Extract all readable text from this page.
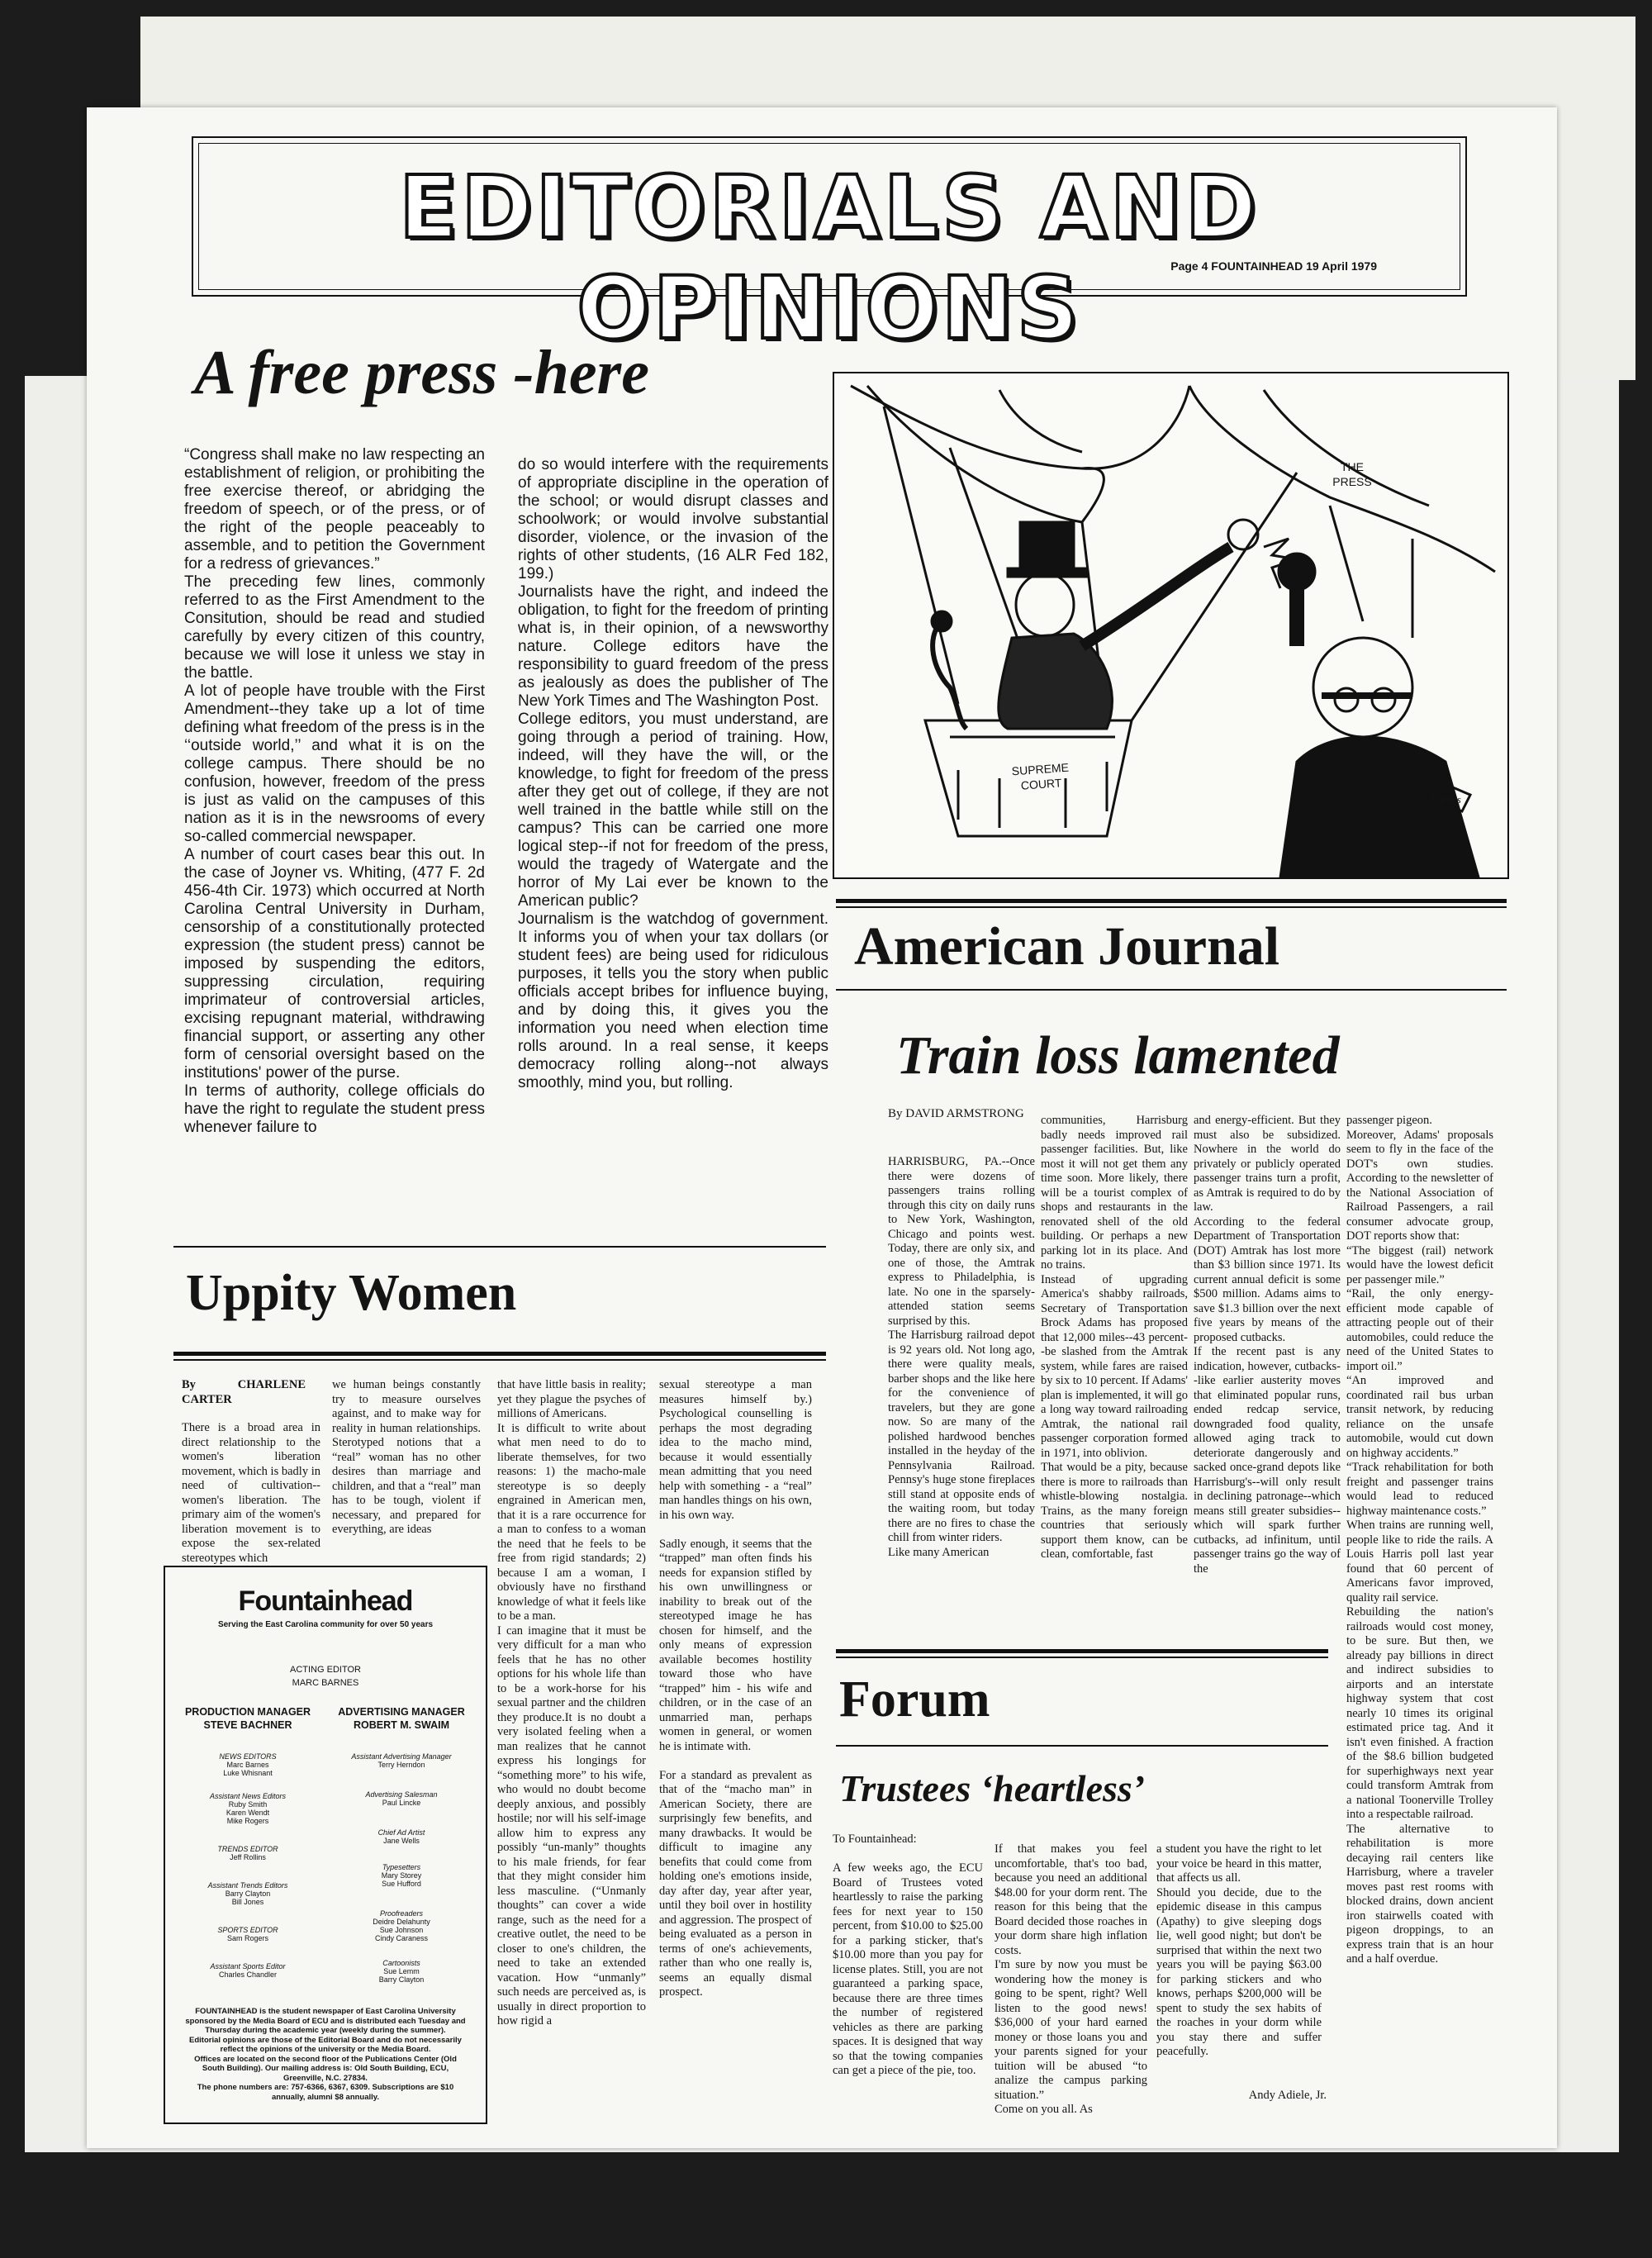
EDITORIALS AND OPINIONS	Page 4 FOUNTAINHEAD 19 April 1979
A free press -here
“Congress shall make no law respecting an establishment of religion, or prohibiting the free exercise thereof, or abridging the freedom of speech, or of the press, or of the right of the people peaceably to assemble, and to petition the Government for a redress of grievances.”
The preceding few lines, commonly referred to as the First Amendment to the Consitution, should be read and studied carefully by every citizen of this country, because we will lose it unless we stay in the battle.
A lot of people have trouble with the First Amendment--they take up a lot of time defining what freedom of the press is in the ‘‘outside world,’’ and what it is on the college campus. There should be no confusion, however, freedom of the press is just as valid on the campuses of this nation as it is in the newsrooms of every so-called commercial newspaper.
A number of court cases bear this out. In the case of Joyner vs. Whiting, (477 F. 2d 456-4th Cir. 1973) which occurred at North Carolina Central University in Durham, censorship of a constitutionally protected expression (the student press) cannot be imposed by suspending the editors, suppressing circulation, requiring imprimateur of controversial articles, excising repugnant material, withdrawing financial support, or asserting any other form of censorial oversight based on the institutions' power of the purse.
In terms of authority, college officials do have the right to regulate the student press whenever failure to
do so would interfere with the requirements of appropriate discipline in the operation of the school; or would disrupt classes and schoolwork; or would involve substantial disorder, violence, or the invasion of the rights of other students, (16 ALR Fed 182, 199.)
Journalists have the right, and indeed the obligation, to fight for the freedom of printing what is, in their opinion, of a newsworthy nature. College editors have the responsibility to guard freedom of the press as jealously as does the publisher of The New York Times and The Washington Post.
College editors, you must understand, are going through a period of training. How, indeed, will they have the will, or the knowledge, to fight for freedom of the press after they get out of college, if they are not well trained in the battle while still on the campus? This can be carried one more logical step--if not for freedom of the press, would the tragedy of Watergate and the horror of My Lai ever be known to the American public?
Journalism is the watchdog of government. It informs you of when your tax dollars (or student fees) are being used for ridiculous purposes, it tells you the story when public officials accept bribes for influence buying, and by doing this, it gives you the information you need when election time rolls around. In a real sense, it keeps democracy rolling along--not always smoothly, mind you, but rolling.
THE PRESS
SUPREME COURT
Barnes
American Journal
Train loss lamented
By DAVID ARMSTRONG
HARRISBURG, PA.--Once there were dozens of passengers trains rolling through this city on daily runs to New York, Washington, Chicago and points west. Today, there are only six, and one of those, the Amtrak express to Philadelphia, is late. No one in the sparsely-attended station seems surprised by this.
The Harrisburg railroad depot is 92 years old. Not long ago, there were quality meals, barber shops and the like here for the convenience of travelers, but they are gone now. So are many of the polished hardwood benches installed in the heyday of the Pennsylvania Railroad. Pennsy's huge stone fireplaces still stand at opposite ends of the waiting room, but today there are no fires to chase the chill from winter riders.
Like many American
communities, Harrisburg badly needs improved rail passenger facilities. But, like most it will not get them any time soon. More likely, there will be a tourist complex of shops and restaurants in the renovated shell of the old building. Or perhaps a new parking lot in its place. And no trains.
Instead of upgrading America's shabby railroads, Secretary of Transportation Brock Adams has proposed that 12,000 miles--43 percent--be slashed from the Amtrak system, while fares are raised by six to 10 percent. If Adams' plan is implemented, it will go a long way toward railroading Amtrak, the national rail passenger corporation formed in 1971, into oblivion.
That would be a pity, because there is more to railroads than whistle-blowing nostalgia. Trains, as the many foreign countries that seriously support them know, can be clean, comfortable, fast
and energy-efficient. But they must also be subsidized. Nowhere in the world do privately or publicly operated passenger trains turn a profit, as Amtrak is required to do by law.
According to the federal Department of Transportation (DOT) Amtrak has lost more than $3 billion since 1971. Its current annual deficit is some $500 million. Adams aims to save $1.3 billion over the next five years by means of the proposed cutbacks.
If the recent past is any indication, however, cutbacks--like earlier austerity moves that eliminated popular runs, ended redcap service, downgraded food quality, allowed aging track to deteriorate dangerously and sacked once-grand depots like Harrisburg's--will only result in declining patronage--which means still greater subsidies--which will spark further cutbacks, ad infinitum, until passenger trains go the way of the
passenger pigeon.
Moreover, Adams' proposals seem to fly in the face of the DOT's own studies. According to the newsletter of the National Association of Railroad Passengers, a rail consumer advocate group, DOT reports show that:
“The biggest (rail) network would have the lowest deficit per passenger mile.”
“Rail, the only energy-efficient mode capable of attracting people out of their automobiles, could reduce the need of the United States to import oil.”
“An improved and coordinated rail bus urban transit network, by reducing reliance on the unsafe automobile, would cut down on highway accidents.”
“Track rehabilitation for both freight and passenger trains would lead to reduced highway maintenance costs.”
When trains are running well, people like to ride the rails. A Louis Harris poll last year found that 60 percent of Americans favor improved, quality rail service.
Rebuilding the nation's railroads would cost money, to be sure. But then, we already pay billions in direct and indirect subsidies to airports and an interstate highway system that cost nearly 10 times its original estimated price tag. And it isn't even finished. A fraction of the $8.6 billion budgeted for superhighways next year could transform Amtrak from a national Toonerville Trolley into a respectable railroad.
The alternative to rehabilitation is more decaying rail centers like Harrisburg, where a traveler moves past rest rooms with blocked drains, down ancient iron stairwells coated with pigeon droppings, to an express train that is an hour and a half overdue.
Uppity Women
By CHARLENE CARTER
There is a broad area in direct relationship to the women's liberation movement, which is badly in need of cultivation--women's liberation. The primary aim of the women's liberation movement is to expose the sex-related stereotypes which
we human beings constantly try to measure ourselves against, and to make way for reality in human relationships. Sterotyped notions that a “real” woman has no other desires than marriage and children, and that a “real” man has to be tough, violent if necessary, and prepared for everything, are ideas
that have little basis in reality; yet they plague the psyches of millions of Americans.
It is difficult to write about what men need to do to liberate themselves, for two reasons: 1) the macho-male stereotype is so deeply engrained in American men, that it is a rare occurrence for a man to confess to a woman the need that he feels to be free from rigid standards; 2) because I am a woman, I obviously have no firsthand knowledge of what it feels like to be a man.
I can imagine that it must be very difficult for a man who feels that he has no other options for his whole life than to be a work-horse for his sexual partner and the children they produce.It is no doubt a very isolated feeling when a man realizes that he cannot express his longings for “something more” to his wife, who would no doubt become deeply anxious, and possibly hostile; nor will his self-image allow him to express any possibly “un-manly” thoughts to his male friends, for fear that they might consider him less masculine. (“Unmanly thoughts” can cover a wide range, such as the need for a creative outlet, the need to be closer to one's children, the need to take an extended vacation. How “unmanly” such needs are perceived as, is usually in direct proportion to how rigid a
sexual stereotype a man measures himself by.) Psychological counselling is perhaps the most degrading idea to the macho mind, because it would essentially mean admitting that you need help with something - a “real” man handles things on his own, in his own way.

Sadly enough, it seems that the “trapped” man often finds his needs for expansion stifled by his own unwillingness or inability to break out of the stereotyped image he has chosen for himself, and the only means of expression available becomes hostility toward those who have “trapped” him - his wife and children, or in the case of an unmarried man, perhaps women in general, or women he is intimate with.

For a standard as prevalent as that of the “macho man” in American Society, there are surprisingly few benefits, and many drawbacks. It would be difficult to imagine any benefits that could come from holding one's emotions inside, day after day, year after year, until they boil over in hostility and aggression. The prospect of being evaluated as a person in terms of one's achievements, rather than who one really is, seems an equally dismal prospect.
Fountainhead
Serving the East Carolina community for over 50 years
ACTING EDITOR
MARC BARNES
PRODUCTION MANAGER
STEVE BACHNER
ADVERTISING MANAGER
ROBERT M. SWAIM
NEWS EDITORS
Marc Barnes
Luke Whisnant
Assistant News Editors
Ruby Smith
Karen Wendt
Mike Rogers
TRENDS EDITOR
Jeff Rollins
Assistant Trends Editors
Barry Clayton
Bill Jones
SPORTS EDITOR
Sam Rogers
Assistant Sports Editor
Charles Chandler
Assistant Advertising Manager
Terry Herndon
Advertising Salesman
Paul Lincke
Chief Ad Artist
Jane Wells
Typesetters
Mary Storey
Sue Hufford
Proofreaders
Deidre Delahunty
Sue Johnson
Cindy Caraness
Cartoonists
Sue Lemm
Barry Clayton
FOUNTAINHEAD is the student newspaper of East Carolina University sponsored by the Media Board of ECU and is distributed each Tuesday and Thursday during the academic year (weekly during the summer).
Editorial opinions are those of the Editorial Board and do not necessarily reflect the opinions of the university or the Media Board.
Offices are located on the second floor of the Publications Center (Old South Building). Our mailing address is: Old South Building, ECU, Greenville, N.C. 27834.
The phone numbers are: 757-6366, 6367, 6309. Subscriptions are $10 annually, alumni $8 annually.
Forum
Trustees ‘heartless’
To Fountainhead:

A few weeks ago, the ECU Board of Trustees voted heartlessly to raise the parking fees for next year to 150 percent, from $10.00 to $25.00 for a parking sticker, that's $10.00 more than you pay for license plates. Still, you are not guaranteed a parking space, because there are three times the number of registered vehicles as there are parking spaces. It is designed that way so that the towing companies can get a piece of the pie, too.
If that makes you feel uncomfortable, that's too bad, because you need an additional $48.00 for your dorm rent. The reason for this being that the Board decided those roaches in your dorm share high inflation costs.
I'm sure by now you must be wondering how the money is going to be spent, right? Well listen to the good news! $36,000 of your hard earned money or those loans you and your parents signed for your tuition will be abused “to analize the campus parking situation.”
Come on you all. As
a student you have the right to let your voice be heard in this matter, that affects us all.
Should you decide, due to the epidemic disease in this campus (Apathy) to give sleeping dogs lie, well good night; but don't be surprised that within the next two years you will be paying $63.00 for parking stickers and who knows, perhaps $200,000 will be spent to study the sex habits of the roaches in your dorm while you stay there and suffer peacefully.
Andy Adiele, Jr.
